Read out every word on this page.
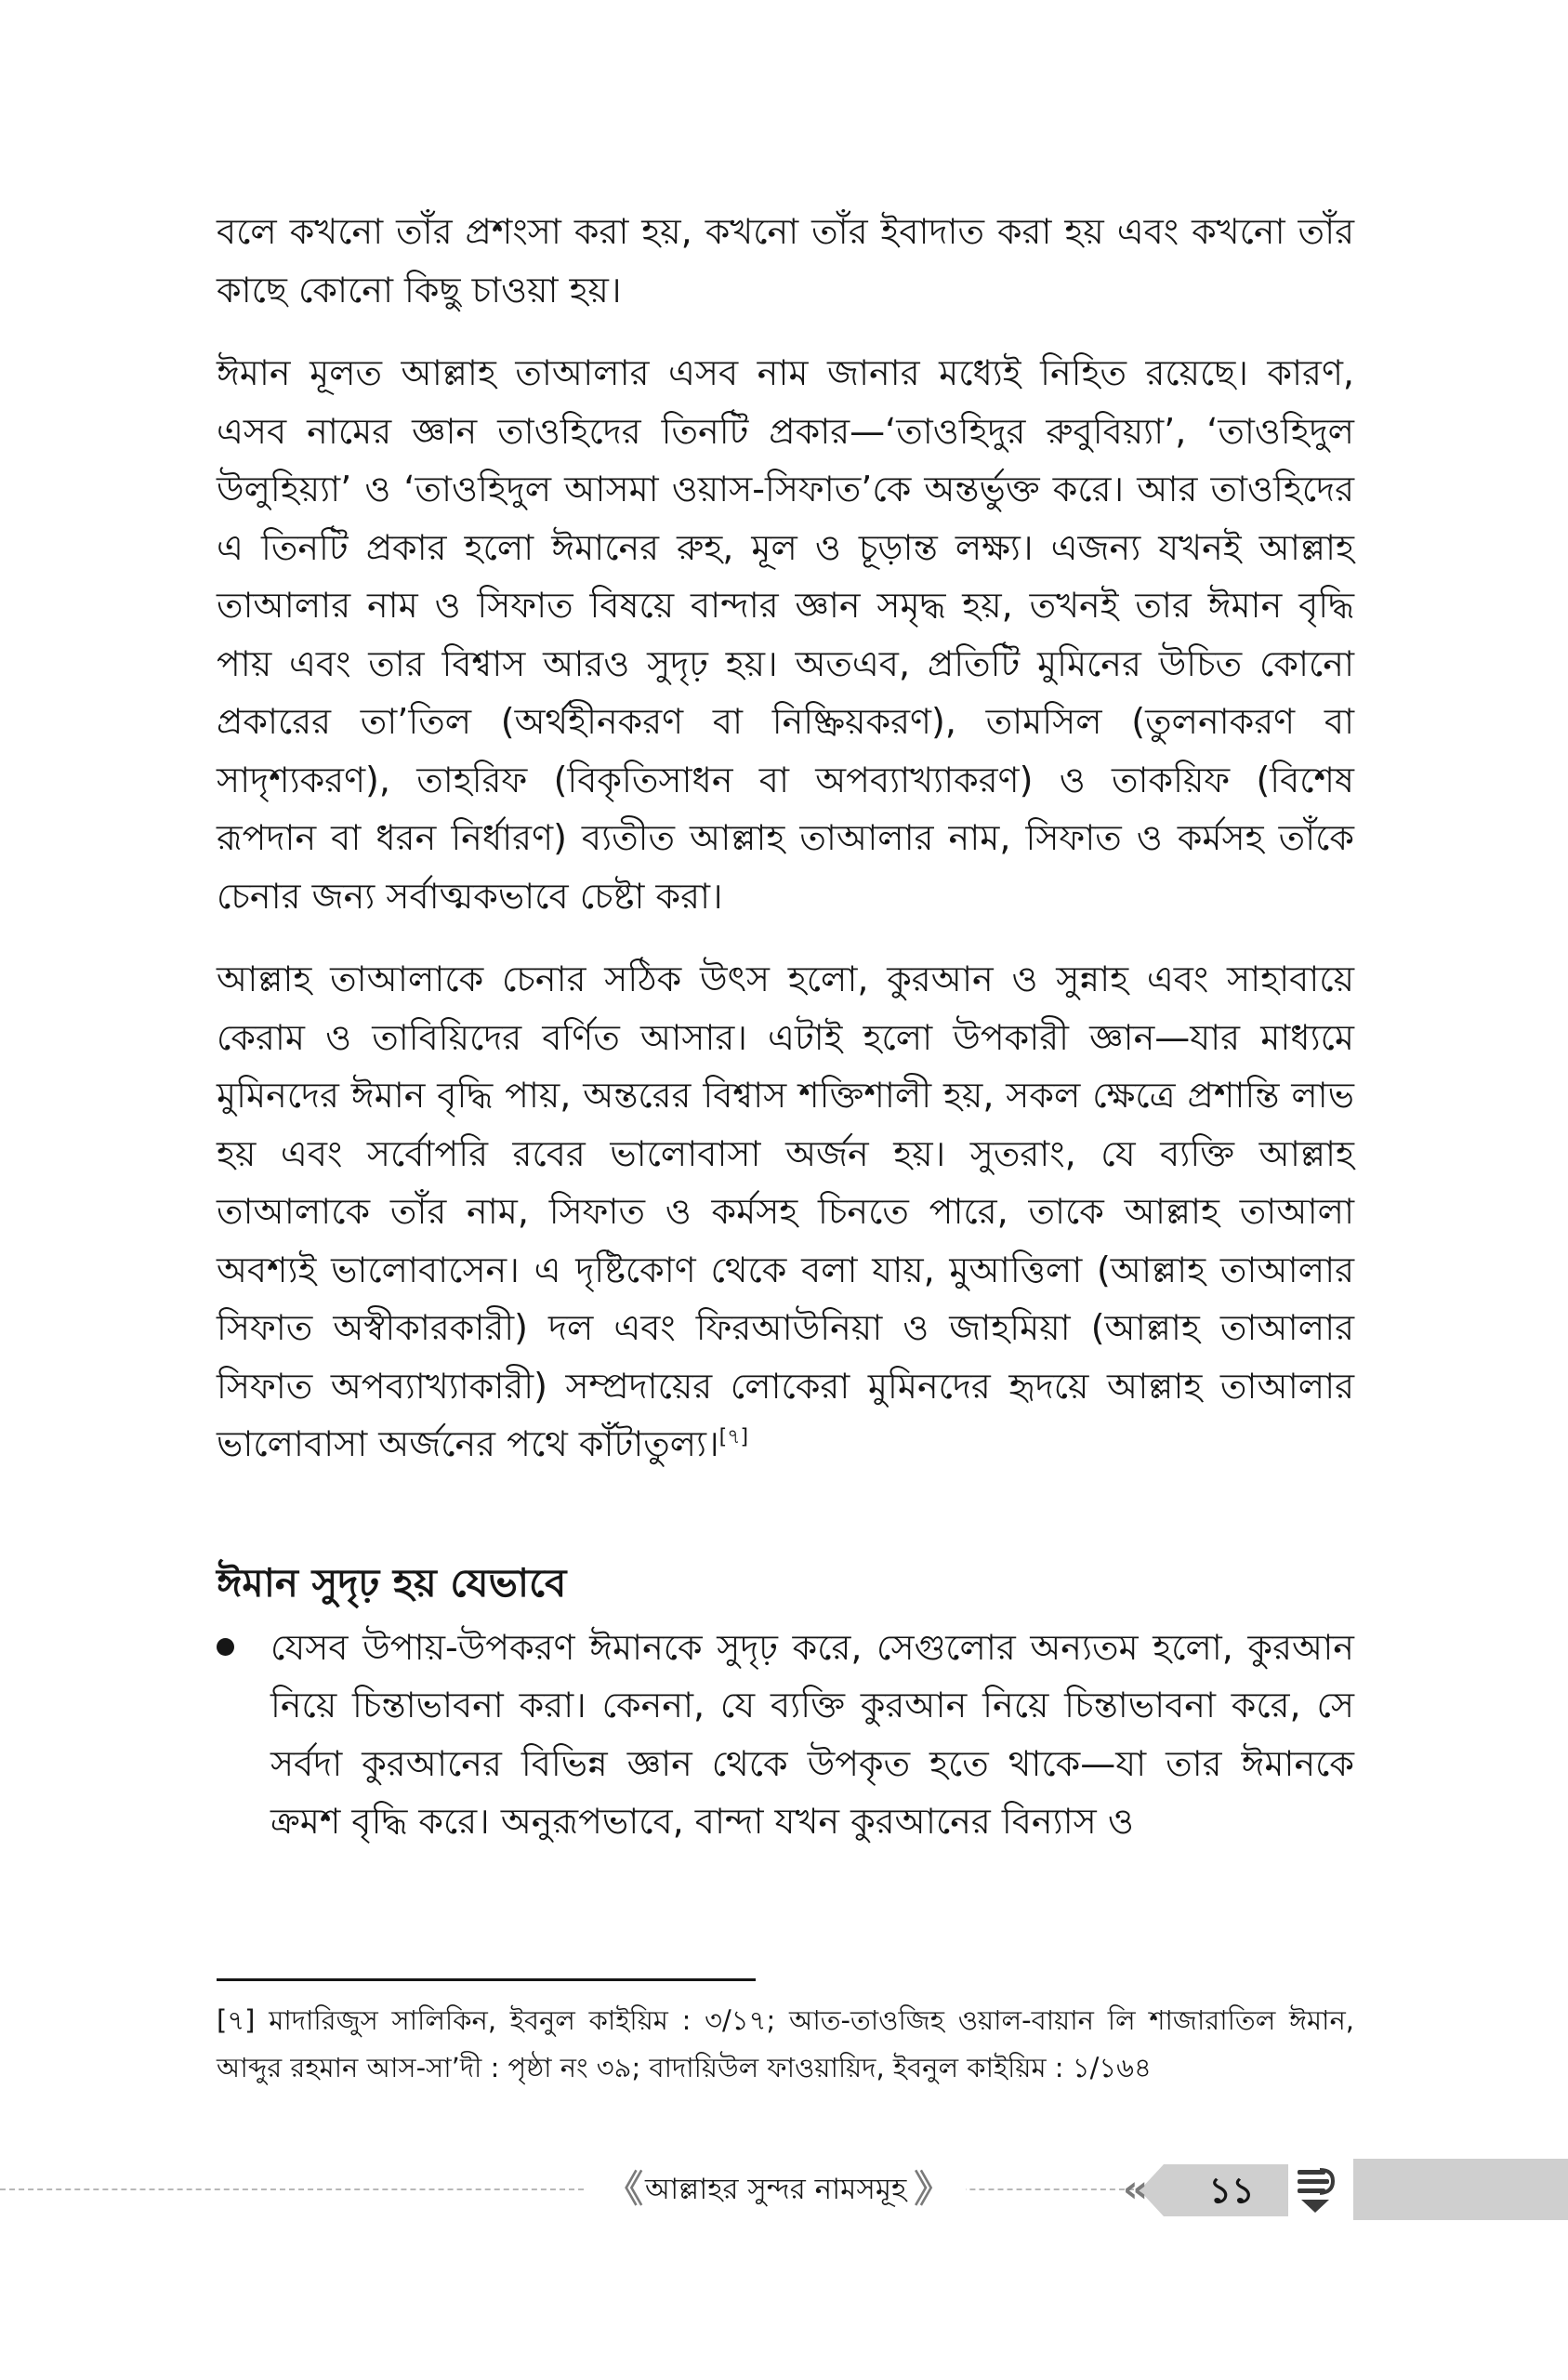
বলে কখনো তাঁর প্রশংসা করা হয়, কখনো তাঁর ইবাদাত করা হয় এবং কখনো তাঁর কাছে কোনো কিছু চাওয়া হয়।

ঈমান মূলত আল্লাহ তাআলার এসব নাম জানার মধ্যেই নিহিত রয়েছে। কারণ, এসব নামের জ্ঞান তাওহিদের তিনটি প্রকার—‘তাওহিদুর রুবুবিয়্যা’, ‘তাওহিদুল উলুহিয়্যা’ ও ‘তাওহিদুল আসমা ওয়াস-সিফাত’কে অন্তর্ভুক্ত করে। আর তাওহিদের এ তিনটি প্রকার হলো ঈমানের রুহ, মূল ও চূড়ান্ত লক্ষ্য। এজন্য যখনই আল্লাহ তাআলার নাম ও সিফাত বিষয়ে বান্দার জ্ঞান সমৃদ্ধ হয়, তখনই তার ঈমান বৃদ্ধি পায় এবং তার বিশ্বাস আরও সুদৃঢ় হয়। অতএব, প্রতিটি মুমিনের উচিত কোনো প্রকারের তা’তিল (অর্থহীনকরণ বা নিষ্ক্রিয়করণ), তামসিল (তুলনাকরণ বা সাদৃশ্যকরণ), তাহরিফ (বিকৃতিসাধন বা অপব্যাখ্যাকরণ) ও তাকয়িফ (বিশেষ রূপদান বা ধরন নির্ধারণ) ব্যতীত আল্লাহ তাআলার নাম, সিফাত ও কর্মসহ তাঁকে চেনার জন্য সর্বাত্মকভাবে চেষ্টা করা।

আল্লাহ তাআলাকে চেনার সঠিক উৎস হলো, কুরআন ও সুন্নাহ এবং সাহাবায়ে কেরাম ও তাবিয়িদের বর্ণিত আসার। এটাই হলো উপকারী জ্ঞান—যার মাধ্যমে মুমিনদের ঈমান বৃদ্ধি পায়, অন্তরের বিশ্বাস শক্তিশালী হয়, সকল ক্ষেত্রে প্রশান্তি লাভ হয় এবং সর্বোপরি রবের ভালোবাসা অর্জন হয়। সুতরাং, যে ব্যক্তি আল্লাহ তাআলাকে তাঁর নাম, সিফাত ও কর্মসহ চিনতে পারে, তাকে আল্লাহ তাআলা অবশ্যই ভালোবাসেন। এ দৃষ্টিকোণ থেকে বলা যায়, মুআত্তিলা (আল্লাহ তাআলার সিফাত অস্বীকারকারী) দল এবং ফিরআউনিয়া ও জাহমিয়া (আল্লাহ তাআলার সিফাত অপব্যাখ্যাকারী) সম্প্রদায়ের লোকেরা মুমিনদের হৃদয়ে আল্লাহ তাআলার ভালোবাসা অর্জনের পথে কাঁটাতুল্য।[৭]

ঈমান সুদৃঢ় হয় যেভাবে
যেসব উপায়-উপকরণ ঈমানকে সুদৃঢ় করে, সেগুলোর অন্যতম হলো, কুরআন নিয়ে চিন্তাভাবনা করা। কেননা, যে ব্যক্তি কুরআন নিয়ে চিন্তাভাবনা করে, সে সর্বদা কুরআনের বিভিন্ন জ্ঞান থেকে উপকৃত হতে থাকে—যা তার ঈমানকে ক্রমশ বৃদ্ধি করে। অনুরূপভাবে, বান্দা যখন কুরআনের বিন্যাস ও

[৭] মাদারিজুস সালিকিন, ইবনুল কাইয়িম : ৩/১৭; আত-তাওজিহ ওয়াল-বায়ান লি শাজারাতিল ঈমান, আব্দুর রহমান আস-সা’দী : পৃষ্ঠা নং ৩৯; বাদায়িউল ফাওয়ায়িদ, ইবনুল কাইয়িম : ১/১৬৪

《 আল্লাহর সুন্দর নামসমূহ 》	‹‹	১১
